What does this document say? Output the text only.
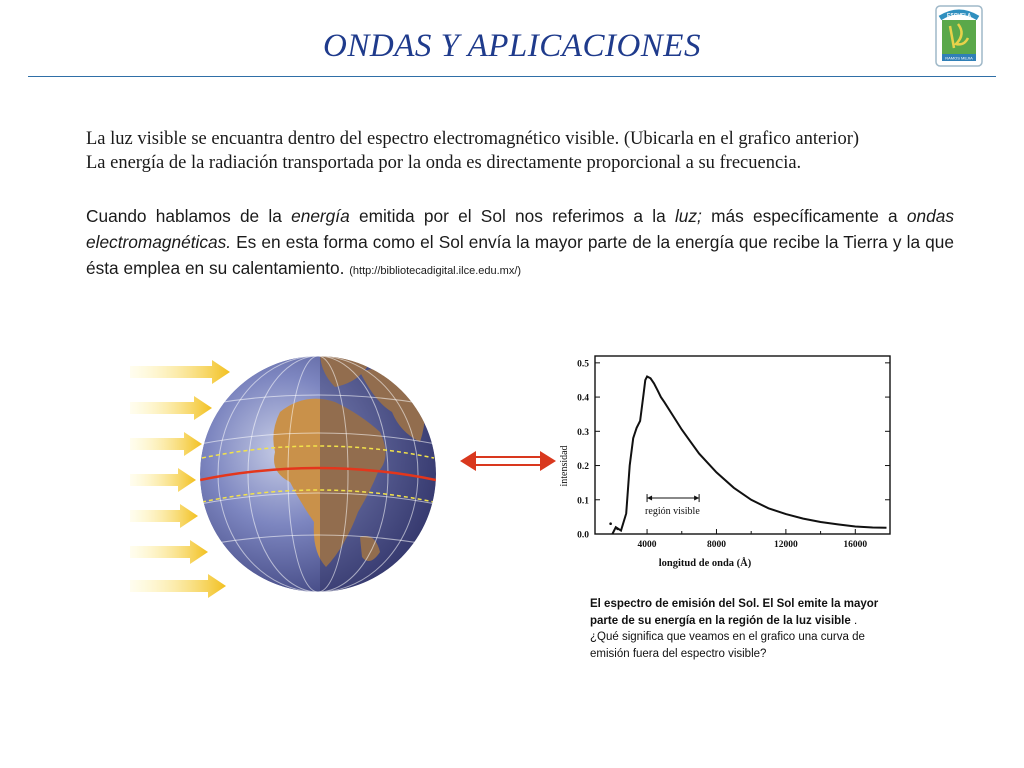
ONDAS Y APLICACIONES
ESCUELA
RAMOS MEJIA
La luz visible se encuantra dentro del espectro electromagnético visible. (Ubicarla en el grafico anterior)
La energía de la radiación transportada por la onda es directamente proporcional a su frecuencia.
Cuando hablamos de la energía emitida por el Sol nos referimos a la luz; más específicamente a ondas electromagnéticas. Es en esta forma como el Sol envía la mayor parte de la energía que recibe la Tierra y la que ésta emplea en su calentamiento. (http://bibliotecadigital.ilce.edu.mx/)
0.0
0.1
0.2
0.3
0.4
0.5
4000	8000	12000	16000
región visible
intensidad
longitud de onda (Å)
El espectro de emisión del Sol. El Sol emite la mayor
parte de su energía en la región de la luz visible .
¿Qué significa que veamos en el grafico una curva de
emisión fuera del espectro visible?
